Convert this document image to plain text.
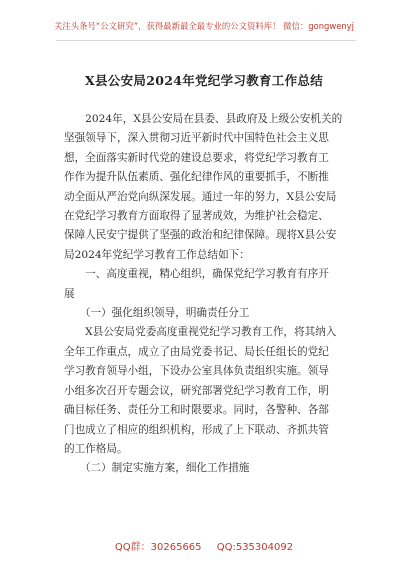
关注头条号“公文研究”，获得最新最全最专业的公文资料库！ 微信：gongwenyj
X县公安局2024年党纪学习教育工作总结
　　2024年，X县公安局在县委、县政府及上级公安机关的
坚强领导下，深入贯彻习近平新时代中国特色社会主义思
想，全面落实新时代党的建设总要求，将党纪学习教育工
作作为提升队伍素质、强化纪律作风的重要抓手，不断推
动全面从严治党向纵深发展。通过一年的努力，X县公安局
在党纪学习教育方面取得了显著成效，为维护社会稳定、
保障人民安宁提供了坚强的政治和纪律保障。现将X县公安
局2024年党纪学习教育工作总结如下：
　　一、高度重视，精心组织，确保党纪学习教育有序开
展
　　（一）强化组织领导，明确责任分工
　　X县公安局党委高度重视党纪学习教育工作，将其纳入
全年工作重点，成立了由局党委书记、局长任组长的党纪
学习教育领导小组，下设办公室具体负责组织实施。领导
小组多次召开专题会议，研究部署党纪学习教育工作，明
确目标任务、责任分工和时限要求。同时，各警种、各部
门也成立了相应的组织机构，形成了上下联动、齐抓共管
的工作格局。
　　（二）制定实施方案，细化工作措施
QQ群：30265665 QQ:535304092
